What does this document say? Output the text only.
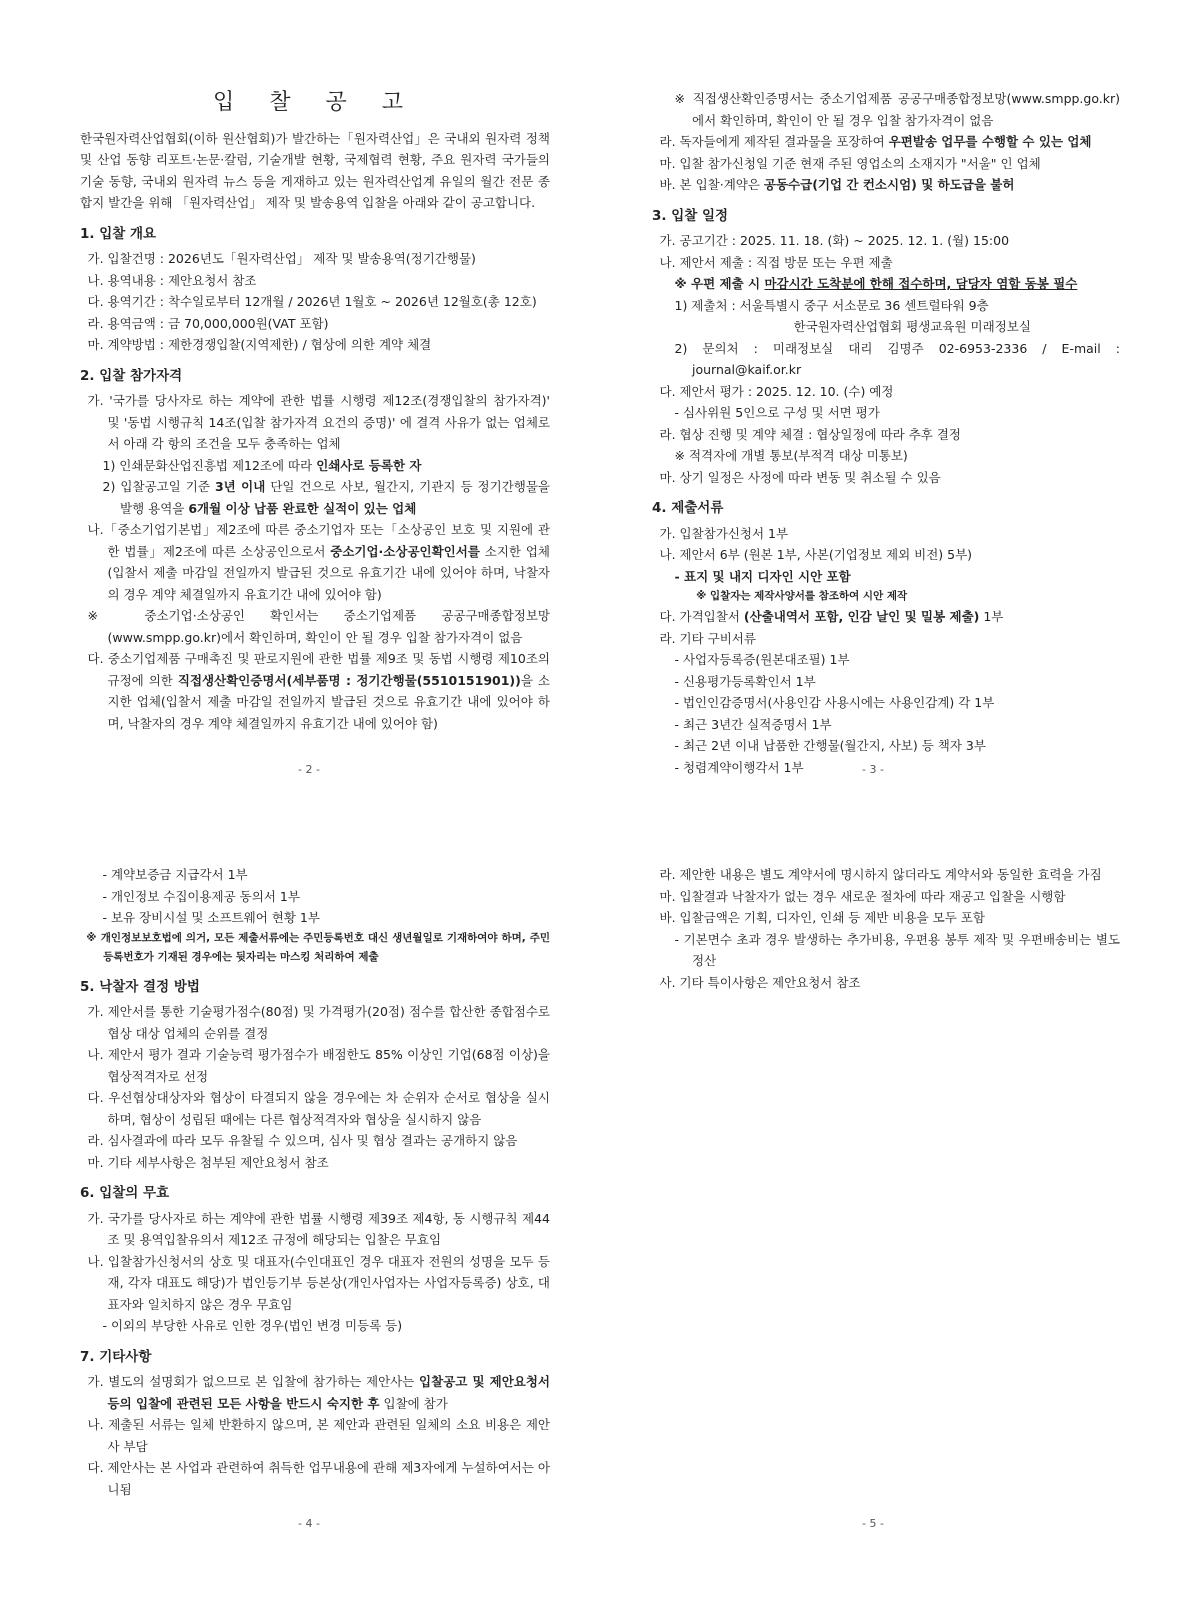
입 찰 공 고

한국원자력산업협회(이하 원산협회)가 발간하는「원자력산업」은 국내외 원자력 정책 및 산업 동향 리포트·논문·칼럼, 기술개발 현황, 국제협력 현황, 주요 원자력 국가들의 기술 동향, 국내외 원자력 뉴스 등을 게재하고 있는 원자력산업계 유일의 월간 전문 종합지 발간을 위해 「원자력산업」 제작 및 발송용역 입찰을 아래와 같이 공고합니다.

1. 입찰 개요

가. 입찰건명 : 2026년도「원자력산업」 제작 및 발송용역(정기간행물)

나. 용역내용 : 제안요청서 참조

다. 용역기간 : 착수일로부터 12개월 / 2026년 1월호 ~ 2026년 12월호(총 12호)

라. 용역금액 : 금 70,000,000원(VAT 포함)

마. 계약방법 : 제한경쟁입찰(지역제한) / 협상에 의한 계약 체결

2. 입찰 참가자격

가. '국가를 당사자로 하는 계약에 관한 법률 시행령 제12조(경쟁입찰의 참가자격)' 및 '동법 시행규칙 14조(입찰 참가자격 요건의 증명)' 에 결격 사유가 없는 업체로서 아래 각 항의 조건을 모두 충족하는 업체

1) 인쇄문화산업진흥법 제12조에 따라 인쇄사로 등록한 자

2) 입찰공고일 기준 3년 이내 단일 건으로 사보, 월간지, 기관지 등 정기간행물을 발행 용역을 6개월 이상 납품 완료한 실적이 있는 업체

나.「중소기업기본법」제2조에 따른 중소기업자 또는「소상공인 보호 및 지원에 관한 법률」제2조에 따른 소상공인으로서 중소기업·소상공인확인서를 소지한 업체(입찰서 제출 마감일 전일까지 발급된 것으로 유효기간 내에 있어야 하며, 낙찰자의 경우 계약 체결일까지 유효기간 내에 있어야 함)

※ 중소기업·소상공인 확인서는 중소기업제품 공공구매종합정보망(www.smpp.go.kr)에서 확인하며, 확인이 안 될 경우 입찰 참가자격이 없음

다. 중소기업제품 구매촉진 및 판로지원에 관한 법률 제9조 및 동법 시행령 제10조의 규정에 의한 직접생산확인증명서(세부품명 : 정기간행물(5510151901))을 소지한 업체(입찰서 제출 마감일 전일까지 발급된 것으로 유효기간 내에 있어야 하며, 낙찰자의 경우 계약 체결일까지 유효기간 내에 있어야 함)

- 2 -

※ 직접생산확인증명서는 중소기업제품 공공구매종합정보망(www.smpp.go.kr)에서 확인하며, 확인이 안 될 경우 입찰 참가자격이 없음

라. 독자들에게 제작된 결과물을 포장하여 우편발송 업무를 수행할 수 있는 업체

마. 입찰 참가신청일 기준 현재 주된 영업소의 소재지가 "서울" 인 업체

바. 본 입찰·계약은 공동수급(기업 간 컨소시엄) 및 하도급을 불허

3. 입찰 일정

가. 공고기간 : 2025. 11. 18. (화) ~ 2025. 12. 1. (월) 15:00

나. 제안서 제출 : 직접 방문 또는 우편 제출

※ 우편 제출 시 마감시간 도착분에 한해 접수하며, 담당자 염함 동봉 필수

1) 제출처 : 서울특별시 중구 서소문로 36 센트럴타워 9층

한국원자력산업협회 평생교육원 미래정보실

2) 문의처 : 미래정보실 대리 김명주 02-6953-2336 / E-mail : journal@kaif.or.kr

다. 제안서 평가 : 2025. 12. 10. (수) 예정

- 심사위원 5인으로 구성 및 서면 평가

라. 협상 진행 및 계약 체결 : 협상일정에 따라 추후 결정

※ 적격자에 개별 통보(부적격 대상 미통보)

마. 상기 일정은 사정에 따라 변동 및 취소될 수 있음

4. 제출서류

가. 입찰참가신청서 1부

나. 제안서 6부 (원본 1부, 사본(기업정보 제외 비전) 5부)

- 표지 및 내지 디자인 시안 포함

※ 입찰자는 제작사양서를 참조하여 시안 제작

다. 가격입찰서 (산출내역서 포함, 인감 날인 및 밀봉 제출) 1부

라. 기타 구비서류

- 사업자등록증(원본대조필) 1부

- 신용평가등록확인서 1부

- 법인인감증명서(사용인감 사용시에는 사용인감계) 각 1부

- 최근 3년간 실적증명서 1부

- 최근 2년 이내 납품한 간행물(월간지, 사보) 등 책자 3부

- 청렴계약이행각서 1부	- 3 -

- 계약보증금 지급각서 1부

- 개인정보 수집이용제공 동의서 1부

- 보유 장비시설 및 소프트웨어 현황 1부

※ 개인정보보호법에 의거, 모든 제출서류에는 주민등록번호 대신 생년월일로 기재하여야 하며, 주민등록번호가 기재된 경우에는 뒷자리는 마스킹 처리하여 제출

5. 낙찰자 결정 방법

가. 제안서를 통한 기술평가점수(80점) 및 가격평가(20점) 점수를 합산한 종합점수로 협상 대상 업체의 순위를 결정

나. 제안서 평가 결과 기술능력 평가점수가 배점한도 85% 이상인 기업(68점 이상)을 협상적격자로 선정

다. 우선협상대상자와 협상이 타결되지 않을 경우에는 차 순위자 순서로 협상을 실시하며, 협상이 성립된 때에는 다른 협상적격자와 협상을 실시하지 않음

라. 심사결과에 따라 모두 유찰될 수 있으며, 심사 및 협상 결과는 공개하지 않음

마. 기타 세부사항은 첨부된 제안요청서 참조

6. 입찰의 무효

가. 국가를 당사자로 하는 계약에 관한 법률 시행령 제39조 제4항, 동 시행규칙 제44조 및 용역입찰유의서 제12조 규정에 해당되는 입찰은 무효임

나. 입찰참가신청서의 상호 및 대표자(수인대표인 경우 대표자 전원의 성명을 모두 등재, 각자 대표도 해당)가 법인등기부 등본상(개인사업자는 사업자등록증) 상호, 대표자와 일치하지 않은 경우 무효임

- 이외의 부당한 사유로 인한 경우(법인 변경 미등록 등)

7. 기타사항

가. 별도의 설명회가 없으므로 본 입찰에 참가하는 제안사는 입찰공고 및 제안요청서 등의 입찰에 관련된 모든 사항을 반드시 숙지한 후 입찰에 참가

나. 제출된 서류는 일체 반환하지 않으며, 본 제안과 관련된 일체의 소요 비용은 제안사 부담

다. 제안사는 본 사업과 관련하여 취득한 업무내용에 관해 제3자에게 누설하여서는 아니됨

- 4 -

라. 제안한 내용은 별도 계약서에 명시하지 않더라도 계약서와 동일한 효력을 가짐

마. 입찰결과 낙찰자가 없는 경우 새로운 절차에 따라 재공고 입찰을 시행함

바. 입찰금액은 기획, 디자인, 인쇄 등 제반 비용을 모두 포함

- 기본면수 초과 경우 발생하는 추가비용, 우편용 봉투 제작 및 우편배송비는 별도 정산

사. 기타 특이사항은 제안요청서 참조

- 5 -
